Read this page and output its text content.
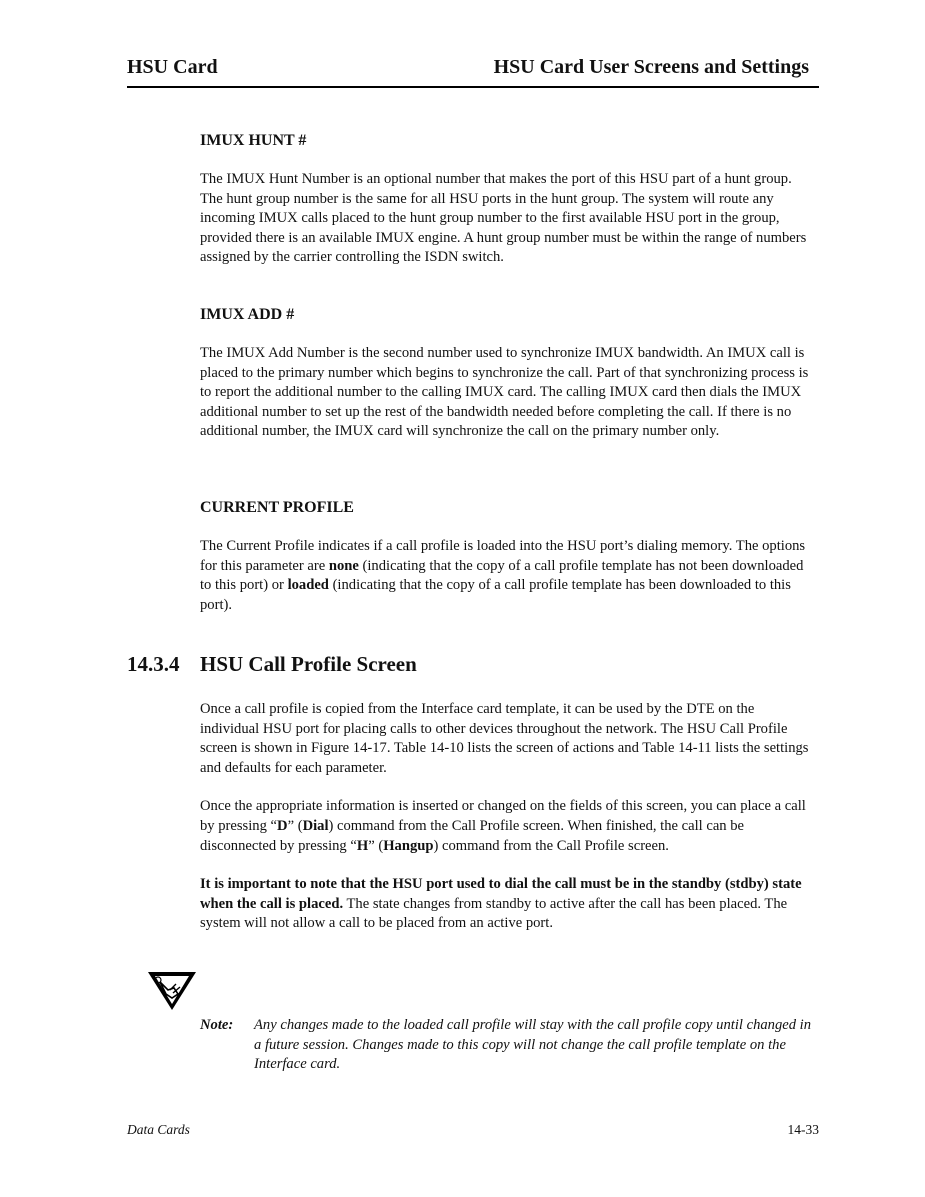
HSU Card	HSU Card User Screens and Settings
IMUX HUNT #

The IMUX Hunt Number is an optional number that makes the port of this HSU part of a hunt group. The hunt group number is the same for all HSU ports in the hunt group. The system will route any incoming IMUX calls placed to the hunt group number to the first available HSU port in the group, provided there is an available IMUX engine. A hunt group number must be within the range of numbers assigned by the carrier controlling the ISDN switch.

IMUX ADD #

The IMUX Add Number is the second number used to synchronize IMUX bandwidth. An IMUX call is placed to the primary number which begins to synchronize the call. Part of that synchronizing process is to report the additional number to the calling IMUX card. The calling IMUX card then dials the IMUX additional number to set up the rest of the bandwidth needed before completing the call. If there is no additional number, the IMUX card will synchronize the call on the primary number only.

CURRENT PROFILE

The Current Profile indicates if a call profile is loaded into the HSU port’s dialing memory. The options for this parameter are none (indicating that the copy of a call profile template has not been downloaded to this port) or loaded (indicating that the copy of a call profile template has been downloaded to this port).

14.3.4 HSU Call Profile Screen

Once a call profile is copied from the Interface card template, it can be used by the DTE on the individual HSU port for placing calls to other devices throughout the network. The HSU Call Profile screen is shown in Figure 14-17. Table 14-10 lists the screen of actions and Table 14-11 lists the settings and defaults for each parameter.

Once the appropriate information is inserted or changed on the fields of this screen, you can place a call by pressing “D” (Dial) command from the Call Profile screen. When finished, the call can be disconnected by pressing “H” (Hangup) command from the Call Profile screen.

It is important to note that the HSU port used to dial the call must be in the standby (stdby) state when the call is placed. The state changes from standby to active after the call has been placed. The system will not allow a call to be placed from an active port.

Note: Any changes made to the loaded call profile will stay with the call profile copy until changed in a future session. Changes made to this copy will not change the call profile template on the Interface card.
Data Cards	14-33
